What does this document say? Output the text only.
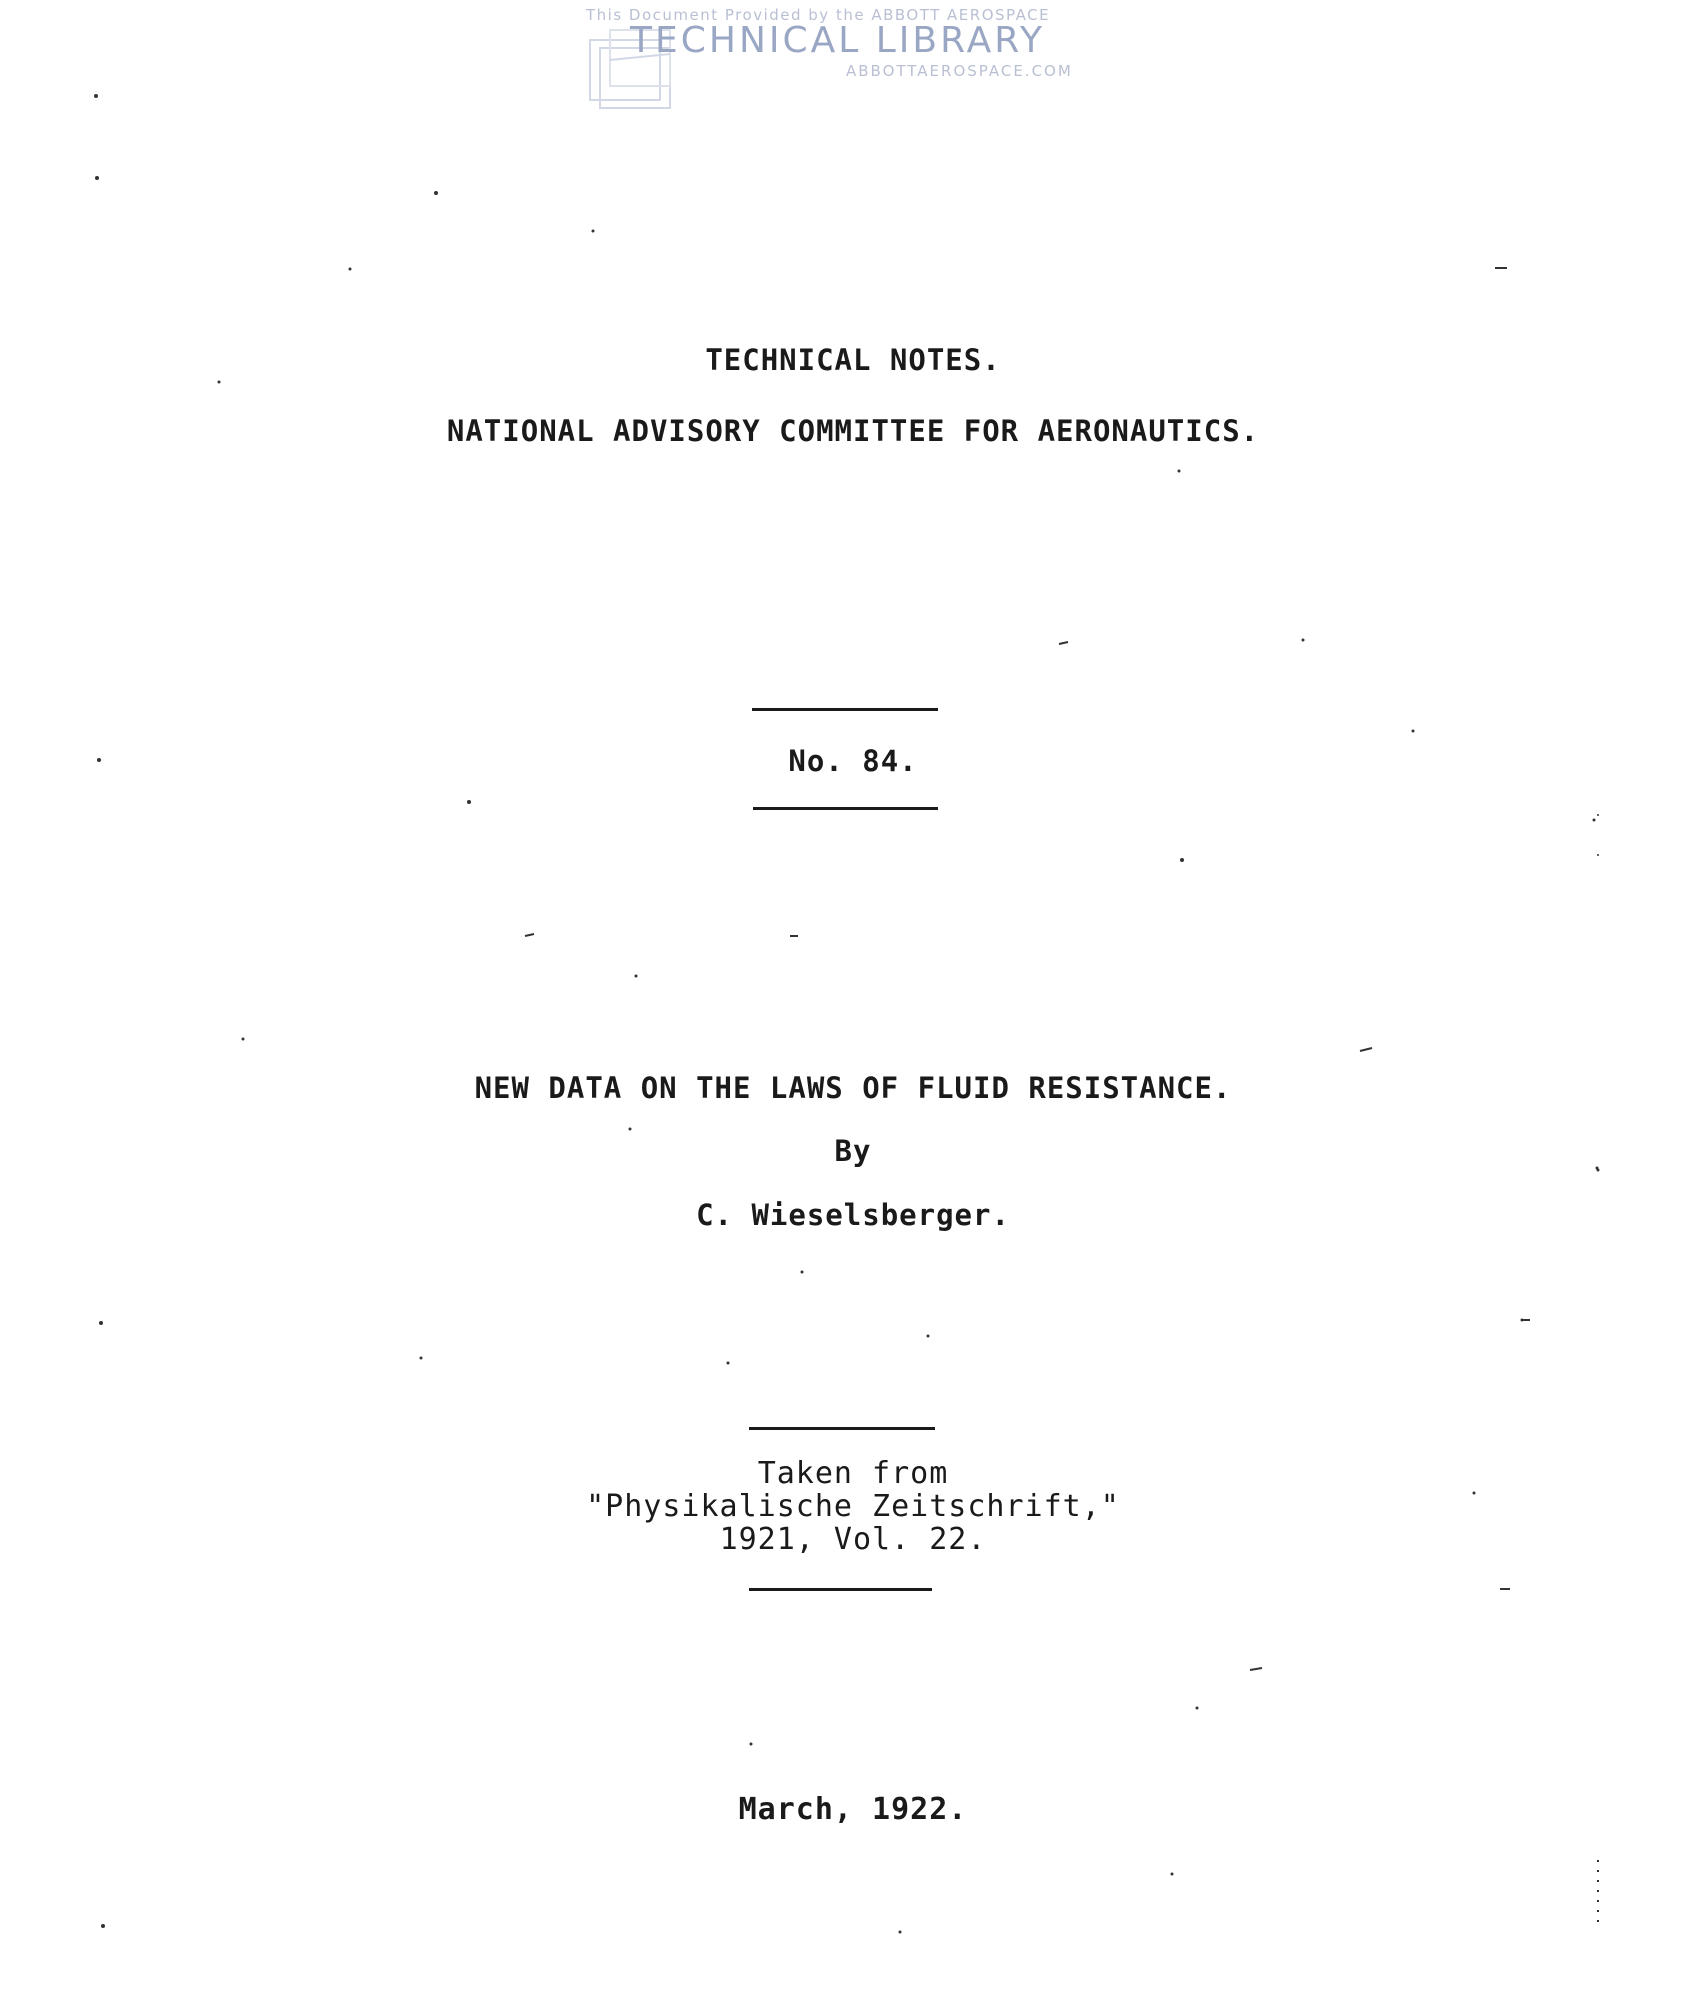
This Document Provided by the ABBOTT AEROSPACE
TECHNICAL LIBRARY
ABBOTTAEROSPACE.COM
TECHNICAL NOTES.
NATIONAL ADVISORY COMMITTEE FOR AERONAUTICS.
No. 84.
NEW DATA ON THE LAWS OF FLUID RESISTANCE.
By
C. Wieselsberger.
Taken from
"Physikalische Zeitschrift,"
1921, Vol. 22.
March, 1922.
